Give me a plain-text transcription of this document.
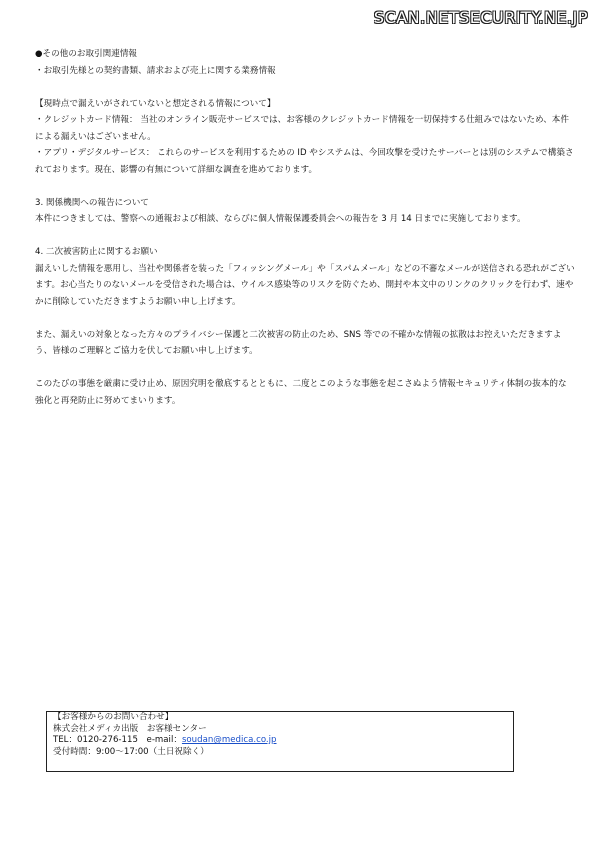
SCAN.NETSECURITY.NE.JP

●その他のお取引関連情報

・お取引先様との契約書類、請求および売上に関する業務情報

【現時点で漏えいがされていないと想定される情報について】

・クレジットカード情報： 当社のオンライン販売サービスでは、お客様のクレジットカード情報を一切保持する仕組みではないため、本件による漏えいはございません。

・アプリ・デジタルサービス： これらのサービスを利用するための ID やシステムは、今回攻撃を受けたサーバーとは別のシステムで構築されております。現在、影響の有無について詳細な調査を進めております。

3. 関係機関への報告について

本件につきましては、警察への通報および相談、ならびに個人情報保護委員会への報告を 3 月 14 日までに実施しております。

4. 二次被害防止に関するお願い

漏えいした情報を悪用し、当社や関係者を装った「フィッシングメール」や「スパムメール」などの不審なメールが送信される恐れがございます。お心当たりのないメールを受信された場合は、ウイルス感染等のリスクを防ぐため、開封や本文中のリンクのクリックを行わず、速やかに削除していただきますようお願い申し上げます。

また、漏えいの対象となった方々のプライバシー保護と二次被害の防止のため、SNS 等での不確かな情報の拡散はお控えいただきますよう、皆様のご理解とご協力を伏してお願い申し上げます。

このたびの事態を厳粛に受け止め、原因究明を徹底するとともに、二度とこのような事態を起こさぬよう情報セキュリティ体制の抜本的な強化と再発防止に努めてまいります。

【お客様からのお問い合わせ】

株式会社メディカ出版　お客様センター

TEL：0120-276-115　e-mail：soudan@medica.co.jp

受付時間：9:00～17:00（土日祝除く）
